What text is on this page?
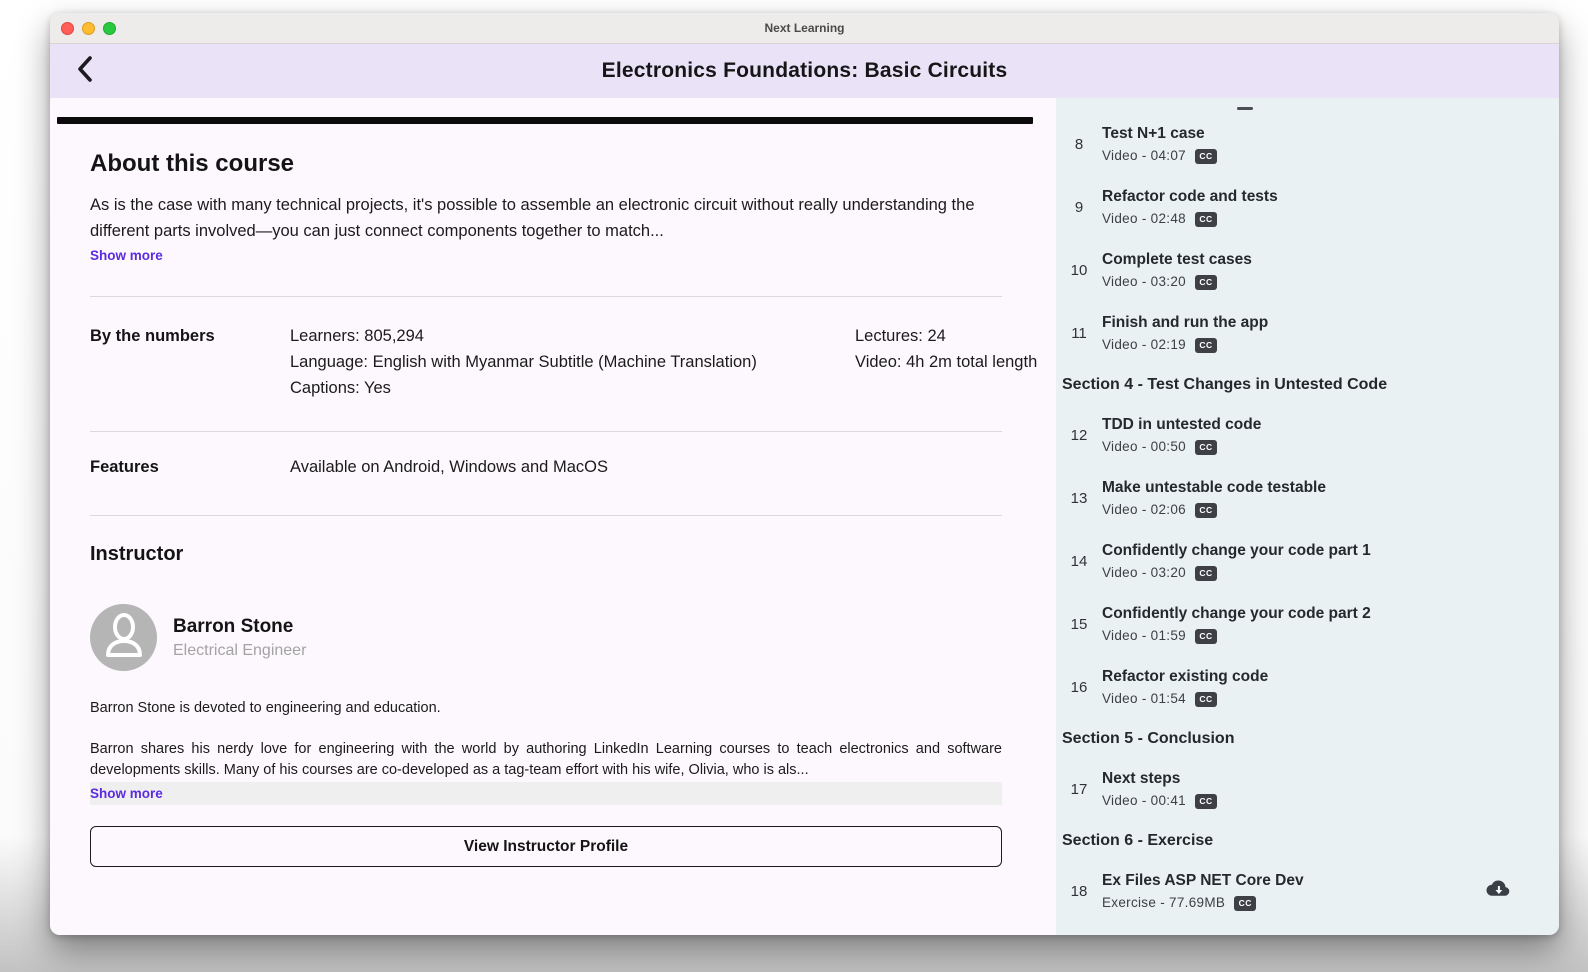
Next Learning
Electronics Foundations: Basic Circuits
About this course
As is the case with many technical projects, it's possible to assemble an electronic circuit without really understanding the different parts involved—you can just connect components together to match...
Show more
By the numbers	Learners: 805,294
Language: English with Myanmar Subtitle (Machine Translation)
Captions: Yes
Lectures: 24
Video: 4h 2m total length
Features	Available on Android, Windows and MacOS
Instructor
Barron Stone
Electrical Engineer
Barron Stone is devoted to engineering and education.
Barron shares his nerdy love for engineering with the world by authoring LinkedIn Learning courses to teach electronics and software developments skills. Many of his courses are co-developed as a tag-team effort with his wife, Olivia, who is als...
Show more
View Instructor Profile
8
Test N+1 case
Video - 04:07	CC
9
Refactor code and tests
Video - 02:48	CC
10
Complete test cases
Video - 03:20	CC
11
Finish and run the app
Video - 02:19	CC
Section 4 - Test Changes in Untested Code
12
TDD in untested code
Video - 00:50	CC
13
Make untestable code testable
Video - 02:06	CC
14
Confidently change your code part 1
Video - 03:20	CC
15
Confidently change your code part 2
Video - 01:59	CC
16
Refactor existing code
Video - 01:54	CC
Section 5 - Conclusion
17
Next steps
Video - 00:41	CC
Section 6 - Exercise
18
Ex Files ASP NET Core Dev
Exercise - 77.69MB	CC
